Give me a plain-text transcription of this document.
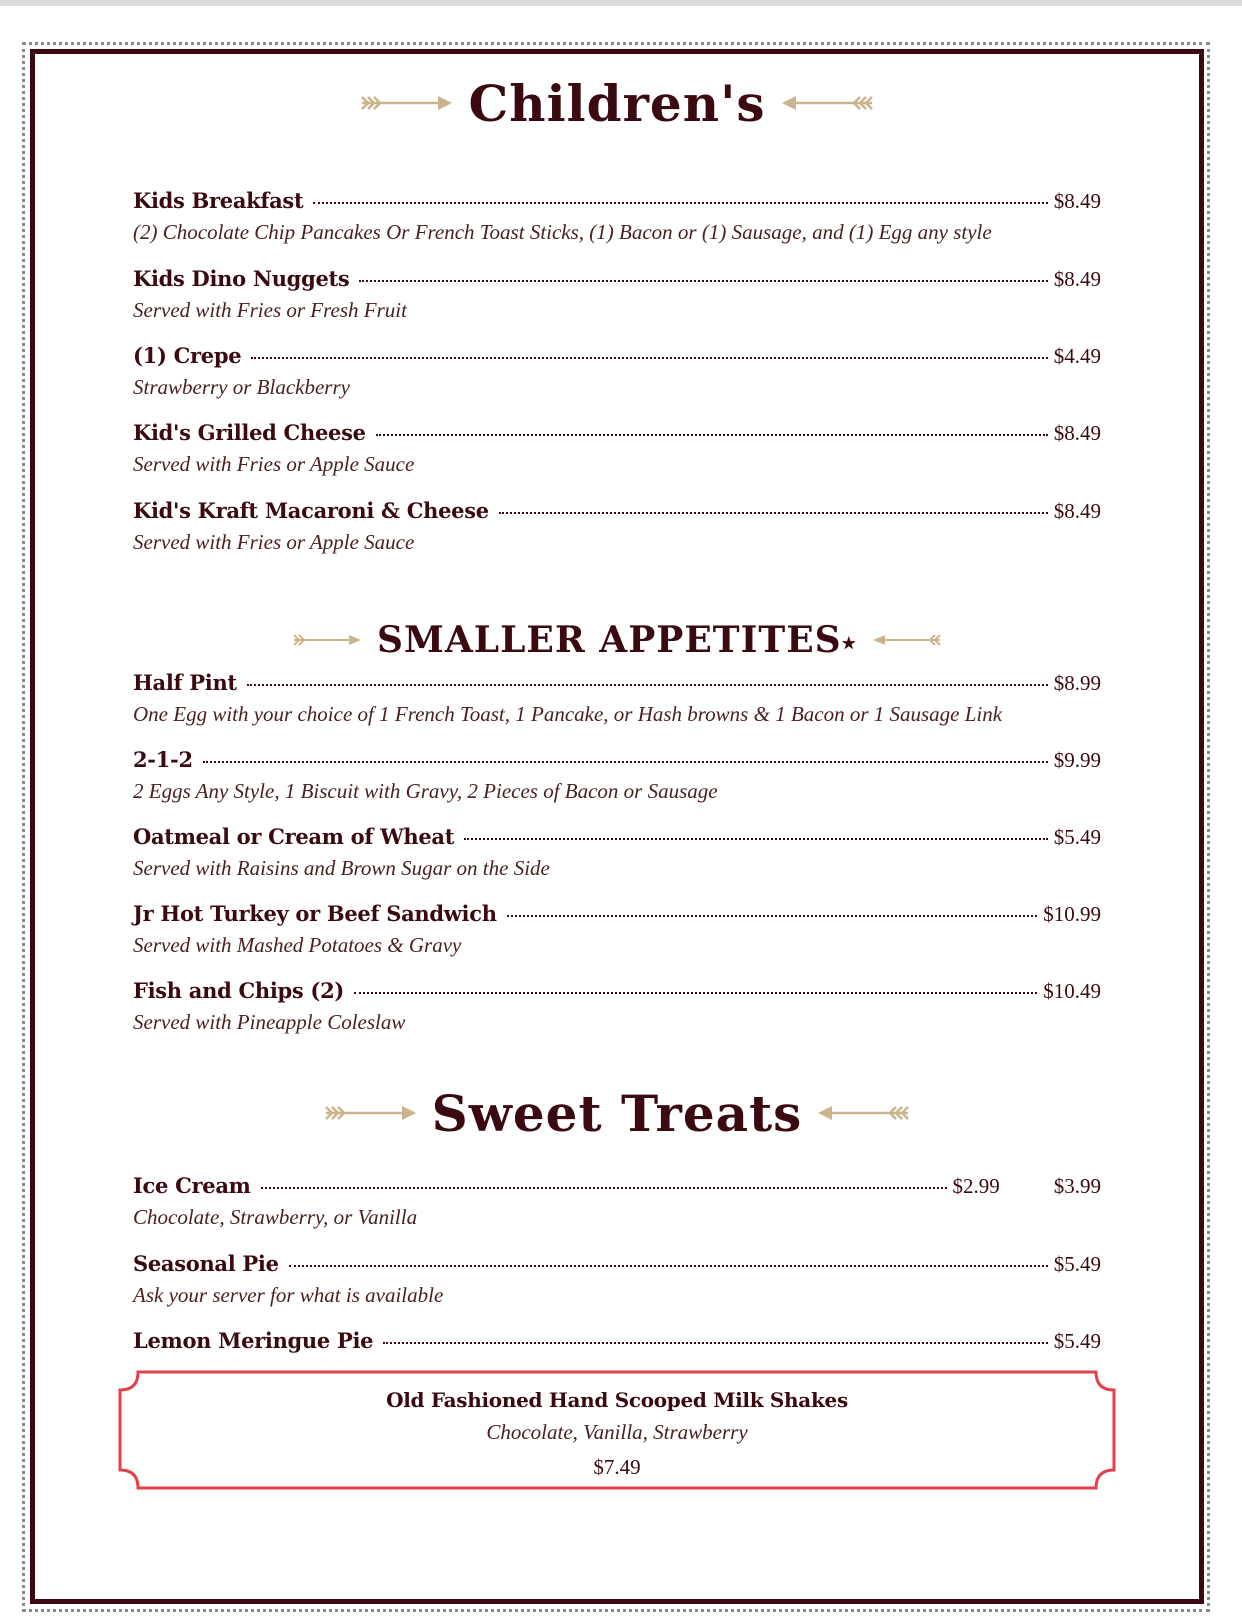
Children's
Kids Breakfast	$8.49
(2) Chocolate Chip Pancakes Or French Toast Sticks, (1) Bacon or (1) Sausage, and (1) Egg any style
Kids Dino Nuggets	$8.49
Served with Fries or Fresh Fruit
(1) Crepe	$4.49
Strawberry or Blackberry
Kid's Grilled Cheese	$8.49
Served with Fries or Apple Sauce
Kid's Kraft Macaroni & Cheese	$8.49
Served with Fries or Apple Sauce
SMALLER APPETITES★
Half Pint	$8.99
One Egg with your choice of 1 French Toast, 1 Pancake, or Hash browns & 1 Bacon or 1 Sausage Link
2-1-2	$9.99
2 Eggs Any Style, 1 Biscuit with Gravy, 2 Pieces of Bacon or Sausage
Oatmeal or Cream of Wheat	$5.49
Served with Raisins and Brown Sugar on the Side
Jr Hot Turkey or Beef Sandwich	$10.99
Served with Mashed Potatoes & Gravy
Fish and Chips (2)	$10.49
Served with Pineapple Coleslaw
Sweet Treats
Ice Cream	$2.99	$3.99
Chocolate, Strawberry, or Vanilla
Seasonal Pie	$5.49
Ask your server for what is available
Lemon Meringue Pie	$5.49
Old Fashioned Hand Scooped Milk Shakes
Chocolate, Vanilla, Strawberry
$7.49
